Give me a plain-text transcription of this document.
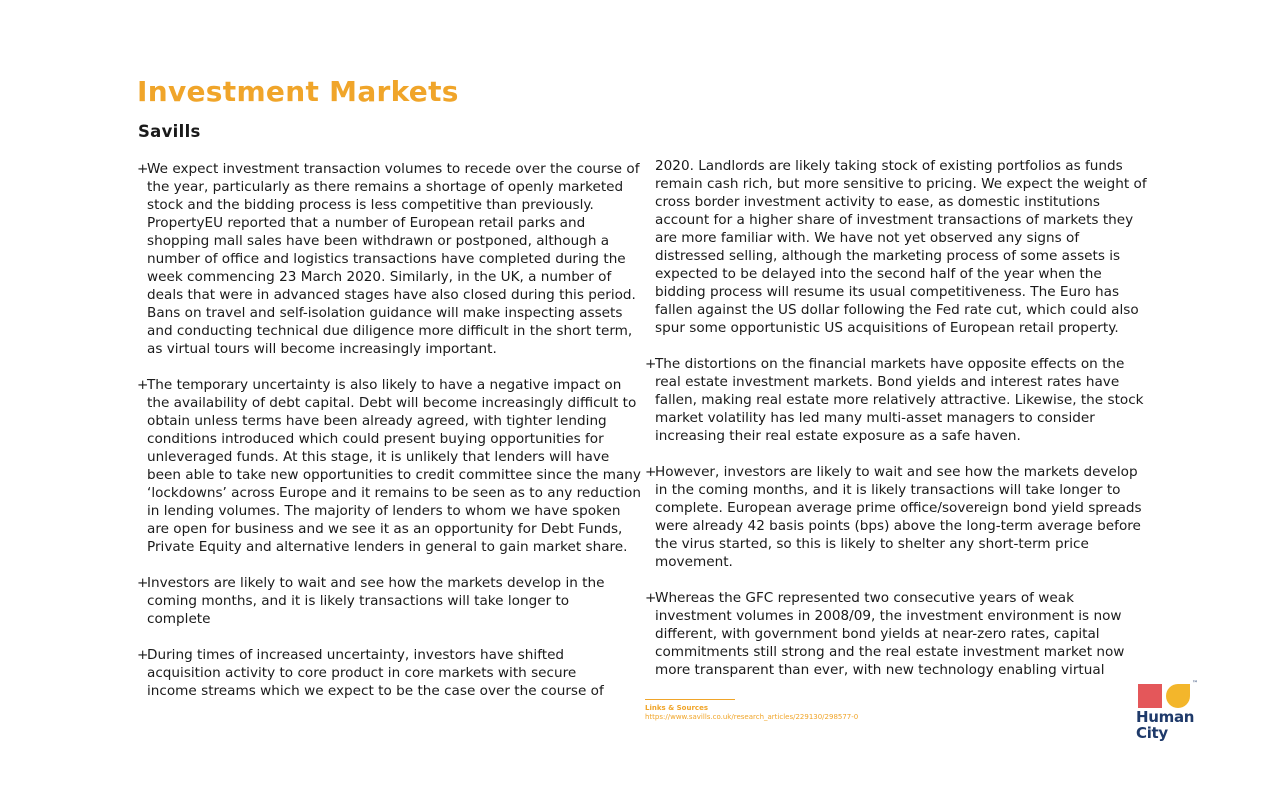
Investment Markets
Savills

+We expect investment transaction volumes to recede over the course of the year, particularly as there remains a shortage of openly marketed stock and the bidding process is less competitive than previously. PropertyEU reported that a number of European retail parks and shopping mall sales have been withdrawn or postponed, although a number of office and logistics transactions have completed during the week commencing 23 March 2020. Similarly, in the UK, a number of deals that were in advanced stages have also closed during this period. Bans on travel and self-isolation guidance will make inspecting assets and conducting technical due diligence more difficult in the short term, as virtual tours will become increasingly important.

+The temporary uncertainty is also likely to have a negative impact on the availability of debt capital. Debt will become increasingly difficult to obtain unless terms have been already agreed, with tighter lending conditions introduced which could present buying opportunities for unleveraged funds. At this stage, it is unlikely that lenders will have been able to take new opportunities to credit committee since the many ‘lockdowns’ across Europe and it remains to be seen as to any reduction in lending volumes. The majority of lenders to whom we have spoken are open for business and we see it as an opportunity for Debt Funds, Private Equity and alternative lenders in general to gain market share.

+Investors are likely to wait and see how the markets develop in the coming months, and it is likely transactions will take longer to complete

+During times of increased uncertainty, investors have shifted acquisition activity to core product in core markets with secure income streams which we expect to be the case over the course of

2020. Landlords are likely taking stock of existing portfolios as funds remain cash rich, but more sensitive to pricing. We expect the weight of cross border investment activity to ease, as domestic institutions account for a higher share of investment transactions of markets they are more familiar with. We have not yet observed any signs of distressed selling, although the marketing process of some assets is expected to be delayed into the second half of the year when the bidding process will resume its usual competitiveness. The Euro has fallen against the US dollar following the Fed rate cut, which could also spur some opportunistic US acquisitions of European retail property.

+The distortions on the financial markets have opposite effects on the real estate investment markets. Bond yields and interest rates have fallen, making real estate more relatively attractive. Likewise, the stock market volatility has led many multi-asset managers to consider increasing their real estate exposure as a safe haven.

+However, investors are likely to wait and see how the markets develop in the coming months, and it is likely transactions will take longer to complete. European average prime office/sovereign bond yield spreads were already 42 basis points (bps) above the long-term average before the virus started, so this is likely to shelter any short-term price movement.

+Whereas the GFC represented two consecutive years of weak investment volumes in 2008/09, the investment environment is now different, with government bond yields at near-zero rates, capital commitments still strong and the real estate investment market now more transparent than ever, with new technology enabling virtual

Links & Sources
https://www.savills.co.uk/research_articles/229130/298577-0
™
Human
City
